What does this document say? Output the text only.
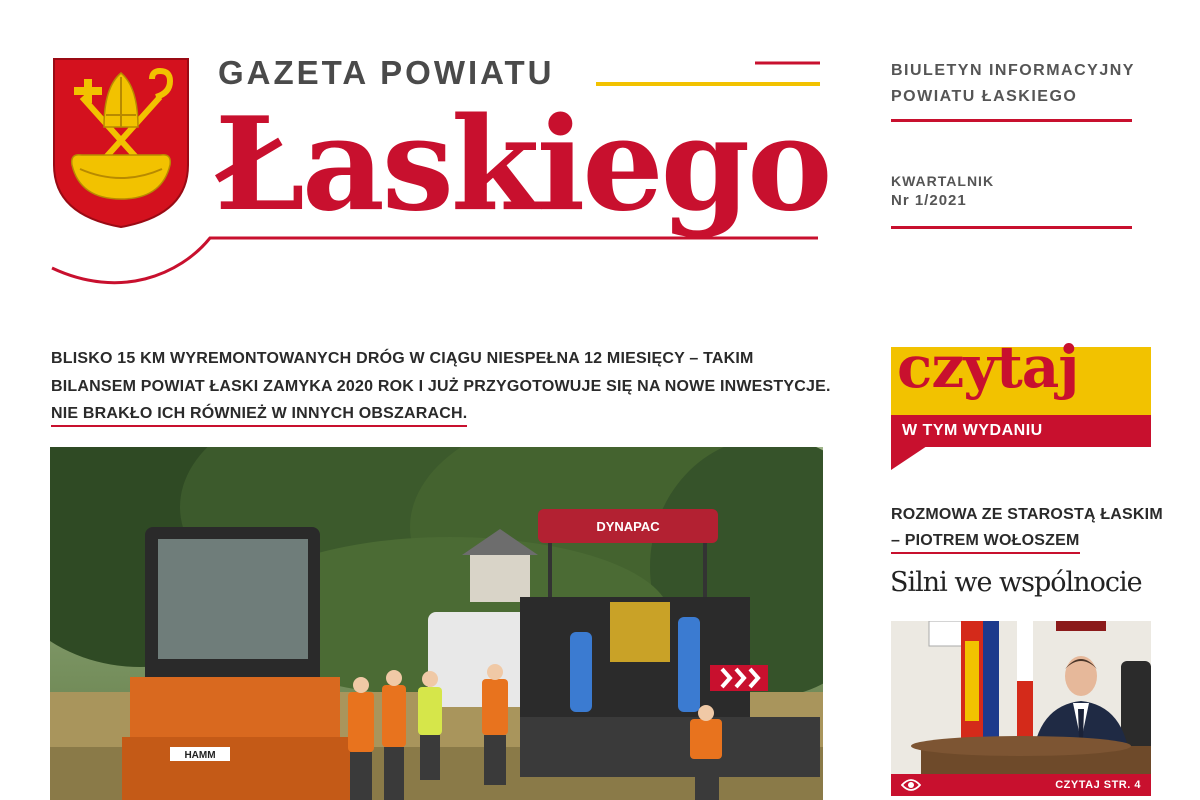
GAZETA POWIATU
Łaskiego
BIULETYN INFORMACYJNY
POWIATU ŁASKIEGO
KWARTALNIK
Nr 1/2021
BLISKO 15 KM WYREMONTOWANYCH DRÓG W CIĄGU NIESPEŁNA 12 MIESIĘCY – TAKIM
BILANSEM POWIAT ŁASKI ZAMYKA 2020 ROK I JUŻ PRZYGOTOWUJE SIĘ NA NOWE INWESTYCJE.
NIE BRAKŁO ICH RÓWNIEŻ W INNYCH OBSZARACH.
DYNAPAC
HAMM
czytaj
W TYM WYDANIU
ROZMOWA ZE STAROSTĄ ŁASKIM
– PIOTREM WOŁOSZEM
Silni we wspólnocie
CZYTAJ STR. 4
